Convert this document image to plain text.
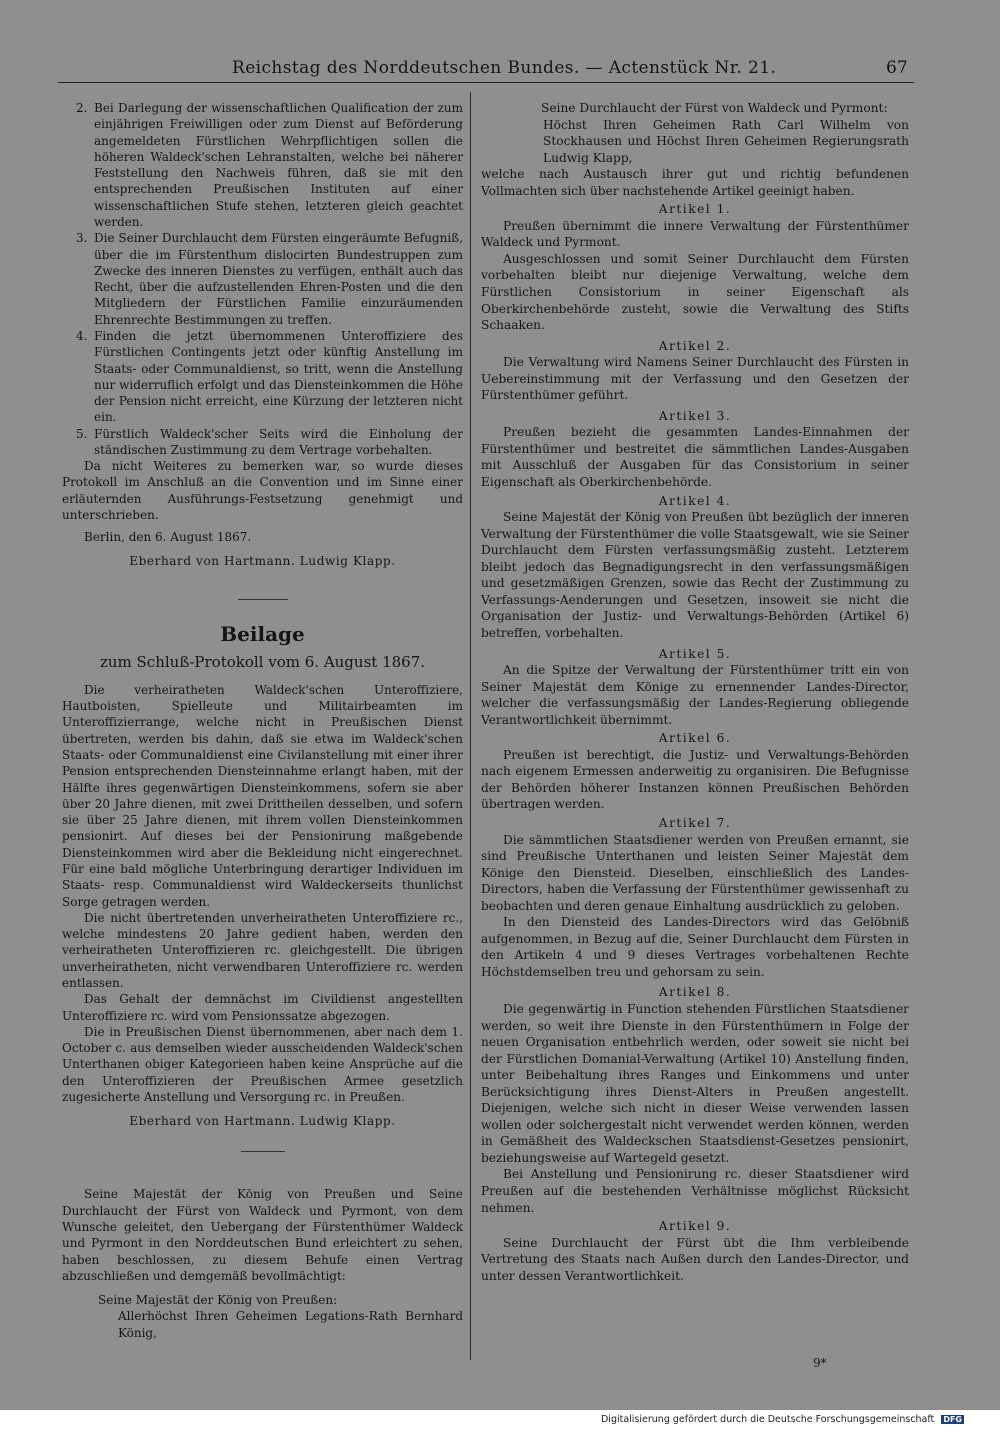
Reichstag des Norddeutschen Bundes. — Actenstück Nr. 21.	67
2. Bei Darlegung der wissenschaftlichen Qualification der zum einjährigen Freiwilligen oder zum Dienst auf Beförderung angemeldeten Fürstlichen Wehrpflichtigen sollen die höheren Waldeck'schen Lehranstalten, welche bei näherer Feststellung den Nachweis führen, daß sie mit den entsprechenden Preußischen Instituten auf einer wissenschaftlichen Stufe stehen, letzteren gleich geachtet werden.
3. Die Seiner Durchlaucht dem Fürsten eingeräumte Befugniß, über die im Fürstenthum dislocirten Bundestruppen zum Zwecke des inneren Dienstes zu verfügen, enthält auch das Recht, über die aufzustellenden Ehren-Posten und die den Mitgliedern der Fürstlichen Familie einzuräumenden Ehrenrechte Bestimmungen zu treffen.
4. Finden die jetzt übernommenen Unteroffiziere des Fürstlichen Contingents jetzt oder künftig Anstellung im Staats- oder Communaldienst, so tritt, wenn die Anstellung nur widerruflich erfolgt und das Diensteinkommen die Höhe der Pension nicht erreicht, eine Kürzung der letzteren nicht ein.
5. Fürstlich Waldeck'scher Seits wird die Einholung der ständischen Zustimmung zu dem Vertrage vorbehalten.

Da nicht Weiteres zu bemerken war, so wurde dieses Protokoll im Anschluß an die Convention und im Sinne einer erläuternden Ausführungs-Festsetzung genehmigt und unterschrieben.

Berlin, den 6. August 1867.

Eberhard von Hartmann. Ludwig Klapp.

Beilage
zum Schluß-Protokoll vom 6. August 1867.

Die verheiratheten Waldeck'schen Unteroffiziere, Hautboisten, Spielleute und Militairbeamten im Unteroffizierrange, welche nicht in Preußischen Dienst übertreten, werden bis dahin, daß sie etwa im Waldeck'schen Staats- oder Communaldienst eine Civilanstellung mit einer ihrer Pension entsprechenden Diensteinnahme erlangt haben, mit der Hälfte ihres gegenwärtigen Diensteinkommens, sofern sie aber über 20 Jahre dienen, mit zwei Drittheilen desselben, und sofern sie über 25 Jahre dienen, mit ihrem vollen Diensteinkommen pensionirt. Auf dieses bei der Pensionirung maßgebende Diensteinkommen wird aber die Bekleidung nicht eingerechnet. Für eine bald mögliche Unterbringung derartiger Individuen im Staats- resp. Communaldienst wird Waldeckerseits thunlichst Sorge getragen werden.

Die nicht übertretenden unverheiratheten Unteroffiziere rc., welche mindestens 20 Jahre gedient haben, werden den verheiratheten Unteroffizieren rc. gleichgestellt. Die übrigen unverheiratheten, nicht verwendbaren Unteroffiziere rc. werden entlassen.

Das Gehalt der demnächst im Civildienst angestellten Unteroffiziere rc. wird vom Pensionssatze abgezogen.

Die in Preußischen Dienst übernommenen, aber nach dem 1. October c. aus demselben wieder ausscheidenden Waldeck'schen Unterthanen obiger Kategorieen haben keine Ansprüche auf die den Unteroffizieren der Preußischen Armee gesetzlich zugesicherte Anstellung und Versorgung rc. in Preußen.

Eberhard von Hartmann. Ludwig Klapp.

Seine Majestät der König von Preußen und Seine Durchlaucht der Fürst von Waldeck und Pyrmont, von dem Wunsche geleitet, den Uebergang der Fürstenthümer Waldeck und Pyrmont in den Norddeutschen Bund erleichtert zu sehen, haben beschlossen, zu diesem Behufe einen Vertrag abzuschließen und demgemäß bevollmächtigt:

Seine Majestät der König von Preußen:

Allerhöchst Ihren Geheimen Legations-Rath Bernhard König,

Seine Durchlaucht der Fürst von Waldeck und Pyrmont:

Höchst Ihren Geheimen Rath Carl Wilhelm von Stockhausen und Höchst Ihren Geheimen Regierungsrath Ludwig Klapp,

welche nach Austausch ihrer gut und richtig befundenen Vollmachten sich über nachstehende Artikel geeinigt haben.

Artikel 1.

Preußen übernimmt die innere Verwaltung der Fürstenthümer Waldeck und Pyrmont.

Ausgeschlossen und somit Seiner Durchlaucht dem Fürsten vorbehalten bleibt nur diejenige Verwaltung, welche dem Fürstlichen Consistorium in seiner Eigenschaft als Oberkirchenbehörde zusteht, sowie die Verwaltung des Stifts Schaaken.

Artikel 2.

Die Verwaltung wird Namens Seiner Durchlaucht des Fürsten in Uebereinstimmung mit der Verfassung und den Gesetzen der Fürstenthümer geführt.

Artikel 3.

Preußen bezieht die gesammten Landes-Einnahmen der Fürstenthümer und bestreitet die sämmtlichen Landes-Ausgaben mit Ausschluß der Ausgaben für das Consistorium in seiner Eigenschaft als Oberkirchenbehörde.

Artikel 4.

Seine Majestät der König von Preußen übt bezüglich der inneren Verwaltung der Fürstenthümer die volle Staatsgewalt, wie sie Seiner Durchlaucht dem Fürsten verfassungsmäßig zusteht. Letzterem bleibt jedoch das Begnadigungsrecht in den verfassungsmäßigen und gesetzmäßigen Grenzen, sowie das Recht der Zustimmung zu Verfassungs-Aenderungen und Gesetzen, insoweit sie nicht die Organisation der Justiz- und Verwaltungs-Behörden (Artikel 6) betreffen, vorbehalten.

Artikel 5.

An die Spitze der Verwaltung der Fürstenthümer tritt ein von Seiner Majestät dem Könige zu ernennender Landes-Director, welcher die verfassungsmäßig der Landes-Regierung obliegende Verantwortlichkeit übernimmt.

Artikel 6.

Preußen ist berechtigt, die Justiz- und Verwaltungs-Behörden nach eigenem Ermessen anderweitig zu organisiren. Die Befugnisse der Behörden höherer Instanzen können Preußischen Behörden übertragen werden.

Artikel 7.

Die sämmtlichen Staatsdiener werden von Preußen ernannt, sie sind Preußische Unterthanen und leisten Seiner Majestät dem Könige den Diensteid. Dieselben, einschließlich des Landes-Directors, haben die Verfassung der Fürstenthümer gewissenhaft zu beobachten und deren genaue Einhaltung ausdrücklich zu geloben.

In den Diensteid des Landes-Directors wird das Gelöbniß aufgenommen, in Bezug auf die, Seiner Durchlaucht dem Fürsten in den Artikeln 4 und 9 dieses Vertrages vorbehaltenen Rechte Höchstdemselben treu und gehorsam zu sein.

Artikel 8.

Die gegenwärtig in Function stehenden Fürstlichen Staatsdiener werden, so weit ihre Dienste in den Fürstenthümern in Folge der neuen Organisation entbehrlich werden, oder soweit sie nicht bei der Fürstlichen Domanial-Verwaltung (Artikel 10) Anstellung finden, unter Beibehaltung ihres Ranges und Einkommens und unter Berücksichtigung ihres Dienst-Alters in Preußen angestellt. Diejenigen, welche sich nicht in dieser Weise verwenden lassen wollen oder solchergestalt nicht verwendet werden können, werden in Gemäßheit des Waldeckschen Staatsdienst-Gesetzes pensionirt, beziehungsweise auf Wartegeld gesetzt.

Bei Anstellung und Pensionirung rc. dieser Staatsdiener wird Preußen auf die bestehenden Verhältnisse möglichst Rücksicht nehmen.

Artikel 9.

Seine Durchlaucht der Fürst übt die Ihm verbleibende Vertretung des Staats nach Außen durch den Landes-Director, und unter dessen Verantwortlichkeit.

9*
Digitalisierung gefördert durch die Deutsche Forschungsgemeinschaft DFG
